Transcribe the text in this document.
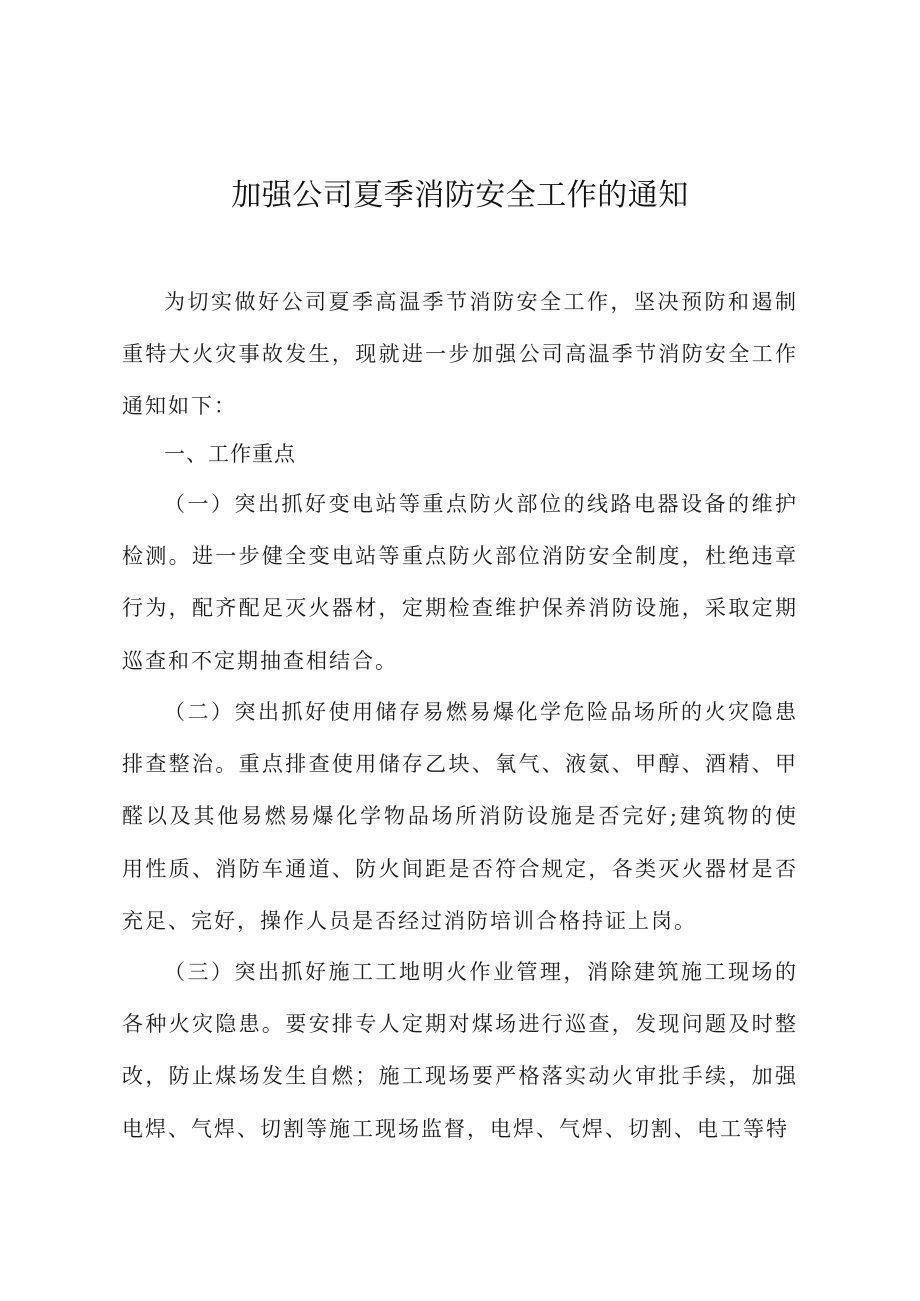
加强公司夏季消防安全工作的通知

为切实做好公司夏季高温季节消防安全工作，坚决预防和遏制重特大火灾事故发生，现就进一步加强公司高温季节消防安全工作通知如下：

一、工作重点

（一）突出抓好变电站等重点防火部位的线路电器设备的维护检测。进一步健全变电站等重点防火部位消防安全制度，杜绝违章行为，配齐配足灭火器材，定期检查维护保养消防设施，采取定期巡查和不定期抽查相结合。

（二）突出抓好使用储存易燃易爆化学危险品场所的火灾隐患排查整治。重点排查使用储存乙块、氧气、液氨、甲醇、酒精、甲醛以及其他易燃易爆化学物品场所消防设施是否完好;建筑物的使用性质、消防车通道、防火间距是否符合规定，各类灭火器材是否充足、完好，操作人员是否经过消防培训合格持证上岗。

（三）突出抓好施工工地明火作业管理，消除建筑施工现场的各种火灾隐患。要安排专人定期对煤场进行巡查，发现问题及时整改，防止煤场发生自燃；施工现场要严格落实动火审批手续，加强电焊、气焊、切割等施工现场监督，电焊、气焊、切割、电工等特
